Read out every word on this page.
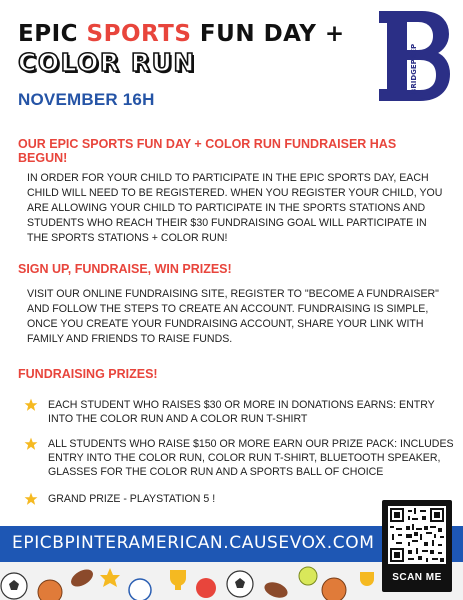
EPIC SPORTS FUN DAY +
COLOR RUN
NOVEMBER 16H
BRIDGEPREP
OUR EPIC SPORTS FUN DAY + COLOR RUN FUNDRAISER HAS BEGUN!
IN ORDER FOR YOUR CHILD TO PARTICIPATE IN THE EPIC SPORTS DAY, EACH CHILD WILL NEED TO BE REGISTERED. WHEN YOU REGISTER YOUR CHILD, YOU ARE ALLOWING YOUR CHILD TO PARTICIPATE IN THE SPORTS STATIONS AND STUDENTS WHO REACH THEIR $30 FUNDRAISING GOAL WILL PARTICIPATE IN THE SPORTS STATIONS + COLOR RUN!
SIGN UP, FUNDRAISE, WIN PRIZES!
VISIT OUR ONLINE FUNDRAISING SITE, REGISTER TO "BECOME A FUNDRAISER" AND FOLLOW THE STEPS TO CREATE AN ACCOUNT. FUNDRAISING IS SIMPLE, ONCE YOU CREATE YOUR FUNDRAISING ACCOUNT, SHARE YOUR LINK WITH FAMILY AND FRIENDS TO RAISE FUNDS.
FUNDRAISING PRIZES!
EACH STUDENT WHO RAISES $30 OR MORE IN DONATIONS EARNS: ENTRY INTO THE COLOR RUN AND A COLOR RUN T-SHIRT
ALL STUDENTS WHO RAISE $150 OR MORE EARN OUR PRIZE PACK: INCLUDES ENTRY INTO THE COLOR RUN, COLOR RUN T-SHIRT, BLUETOOTH SPEAKER, GLASSES FOR THE COLOR RUN AND A SPORTS BALL OF CHOICE
GRAND PRIZE - PLAYSTATION 5 !
EPICBPINTERAMERICAN.CAUSEVOX.COM
SCAN ME
